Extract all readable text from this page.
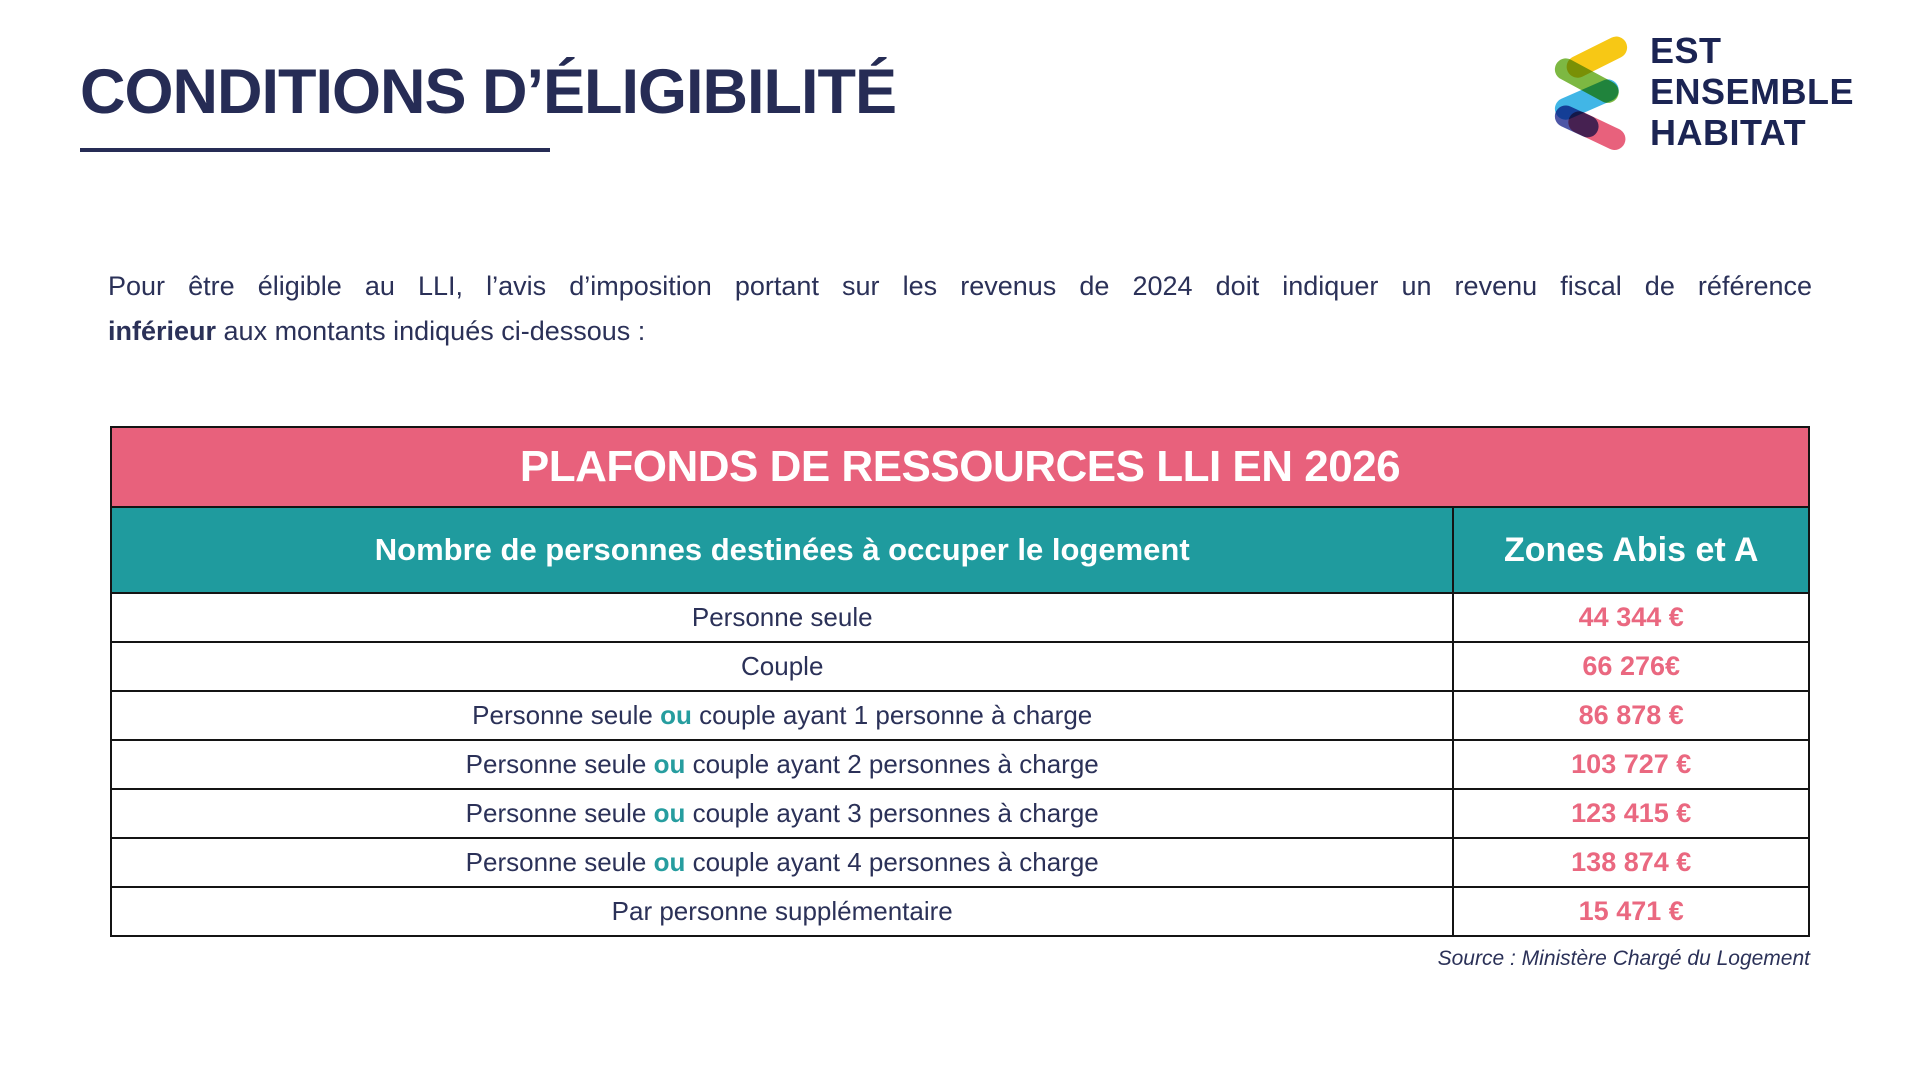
CONDITIONS D’ÉLIGIBILITÉ
EST
ENSEMBLE
HABITAT
Pour être éligible au LLI, l’avis d’imposition portant sur les revenus de 2024 doit indiquer un revenu fiscal de référence
inférieur aux montants indiqués ci-dessous :
PLAFONDS DE RESSOURCES LLI EN 2026	
Nombre de personnes destinées à occuper le logement	Zones Abis et A
Personne seule	44 344 €
Couple	66 276€
Personne seule ou couple ayant 1 personne à charge	86 878 €
Personne seule ou couple ayant 2 personnes à charge	103 727 €
Personne seule ou couple ayant 3 personnes à charge	123 415 €
Personne seule ou couple ayant 4 personnes à charge	138 874 €
Par personne supplémentaire	15 471 €
Source : Ministère Chargé du Logement
